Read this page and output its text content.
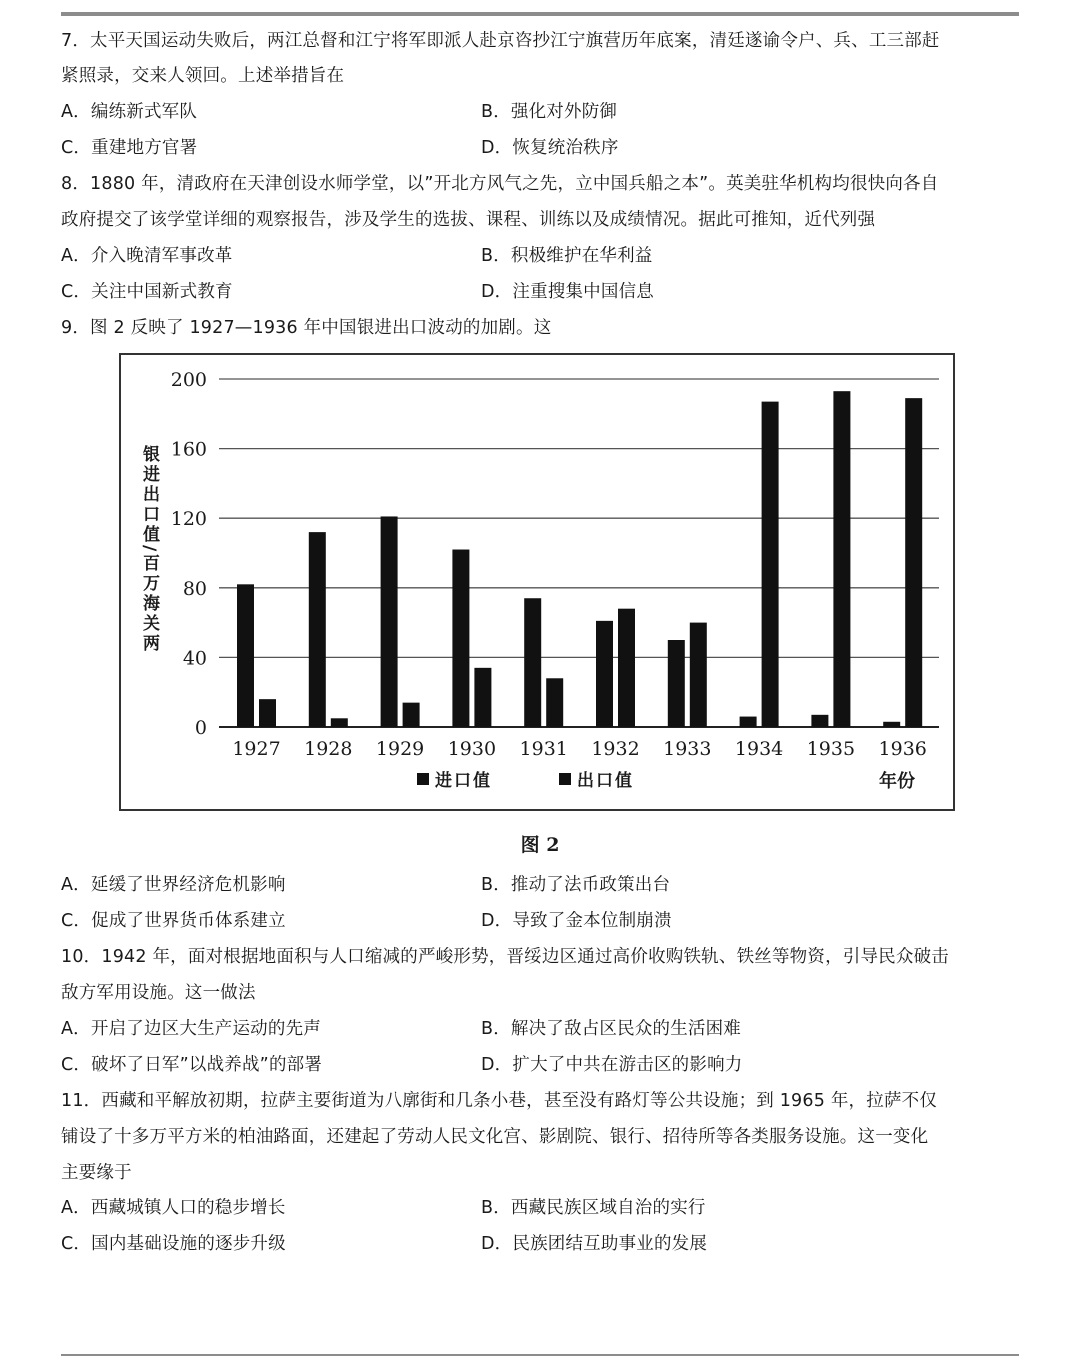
7．太平天国运动失败后，两江总督和江宁将军即派人赴京咨抄江宁旗营历年底案，清廷遂谕令户、兵、工三部赶
紧照录，交来人领回。上述举措旨在
A．编练新式军队	B．强化对外防御
C．重建地方官署	D．恢复统治秩序
8．1880 年，清政府在天津创设水师学堂，以”开北方风气之先，立中国兵船之本”。英美驻华机构均很快向各自
政府提交了该学堂详细的观察报告，涉及学生的选拔、课程、训练以及成绩情况。据此可推知，近代列强
A．介入晚清军事改革	B．积极维护在华利益
C．关注中国新式教育	D．注重搜集中国信息
9．图 2 反映了 1927—1936 年中国银进出口波动的加剧。这
0
40
80
120
160
200
1927 1928 1929 1930 1931 1932 1933 1934 1935 1936
银进出口值/百万海关两
进口值	出口值	年份
图 2
A．延缓了世界经济危机影响	B．推动了法币政策出台
C．促成了世界货币体系建立	D．导致了金本位制崩溃
10．1942 年，面对根据地面积与人口缩减的严峻形势，晋绥边区通过高价收购铁轨、铁丝等物资，引导民众破击
敌方军用设施。这一做法
A．开启了边区大生产运动的先声	B．解决了敌占区民众的生活困难
C．破坏了日军”以战养战”的部署	D．扩大了中共在游击区的影响力
11．西藏和平解放初期，拉萨主要街道为八廓街和几条小巷，甚至没有路灯等公共设施；到 1965 年，拉萨不仅
铺设了十多万平方米的柏油路面，还建起了劳动人民文化宫、影剧院、银行、招待所等各类服务设施。这一变化
主要缘于
A．西藏城镇人口的稳步增长	B．西藏民族区域自治的实行
C．国内基础设施的逐步升级	D．民族团结互助事业的发展
